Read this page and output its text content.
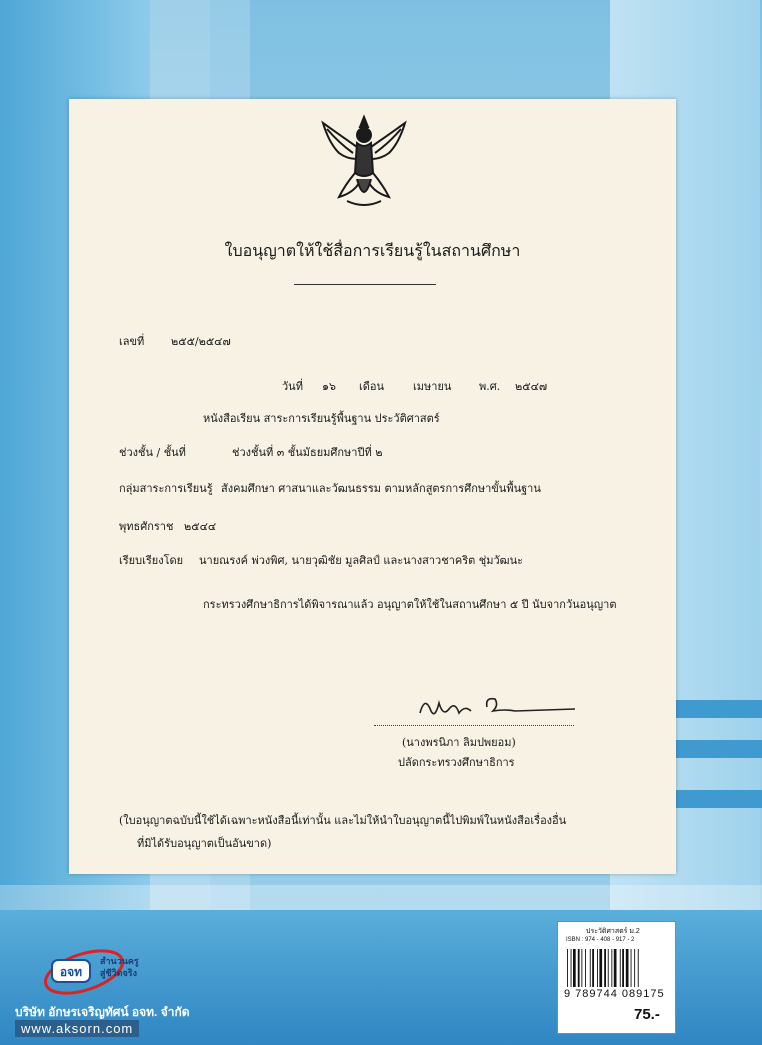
ใบอนุญาตให้ใช้สื่อการเรียนรู้ในสถานศึกษา
เลขที่ ๒๕๕/๒๕๔๗
วันที่ ๑๖ เดือน	เมษายน	พ.ศ. ๒๕๔๗
หนังสือเรียน สาระการเรียนรู้พื้นฐาน ประวัติศาสตร์
ช่วงชั้น / ชั้นที่	ช่วงชั้นที่ ๓ ชั้นมัธยมศึกษาปีที่ ๒
กลุ่มสาระการเรียนรู้ สังคมศึกษา ศาสนาและวัฒนธรรม ตามหลักสูตรการศึกษาขั้นพื้นฐาน
พุทธศักราช ๒๕๔๔
เรียบเรียงโดย นายณรงค์ พ่วงพิศ, นายวุฒิชัย มูลศิลป์ และนางสาวชาคริต ชุ่มวัฒนะ
กระทรวงศึกษาธิการได้พิจารณาแล้ว อนุญาตให้ใช้ในสถานศึกษา ๕ ปี นับจากวันอนุญาต
(นางพรนิภา ลิมปพยอม)
ปลัดกระทรวงศึกษาธิการ
(ใบอนุญาตฉบับนี้ใช้ได้เฉพาะหนังสือนี้เท่านั้น และไม่ให้นำใบอนุญาตนี้ไปพิมพ์ในหนังสือเรื่องอื่น
ที่มิได้รับอนุญาตเป็นอันขาด)
อจท
สำนวนครู
สู่ชีวิตจริง
บริษัท อักษรเจริญทัศน์ อจท. จำกัด
www.aksorn.com
ประวัติศาสตร์ ม.2
ISBN : 974 - 408 - 917 - 2
9 789744 089175
75.-
